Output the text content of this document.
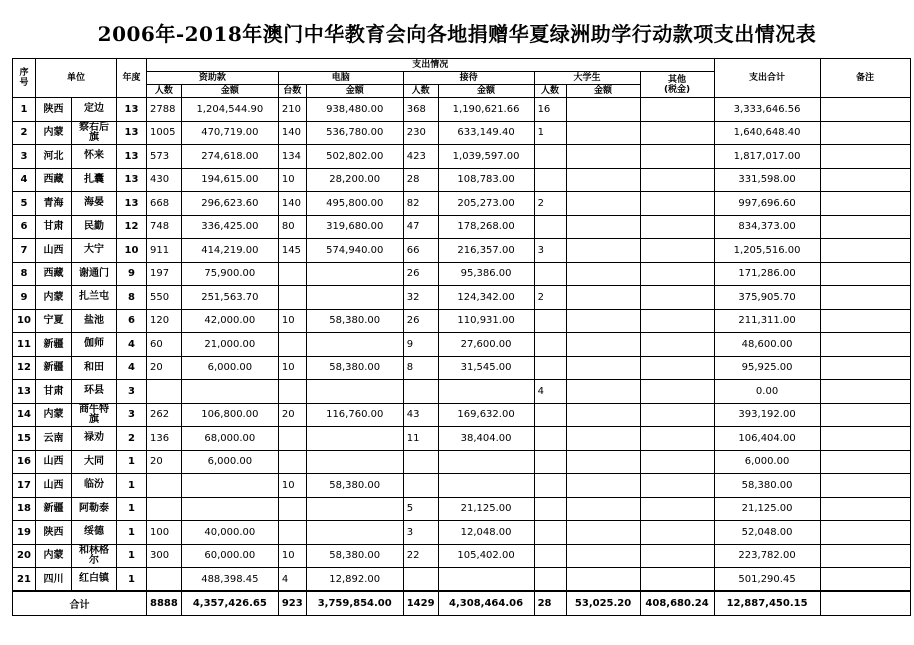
2006年-2018年澳门中华教育会向各地捐赠华夏绿洲助学行动款项支出情况表
序号	单位		年度	支出情况									支出合计	备注
				资助款		电脑		接待		大学生		其他
(税金)		
				人数	金额	台数	金额	人数	金额	人数	金额			
1	陕西	定边	13	2788	1,204,544.90	210	938,480.00	368	1,190,621.66	16			3,333,646.56	
2	内蒙	察右后旗	13	1005	470,719.00	140	536,780.00	230	633,149.40	1			1,640,648.40	
3	河北	怀来	13	573	274,618.00	134	502,802.00	423	1,039,597.00				1,817,017.00	
4	西藏	扎囊	13	430	194,615.00	10	28,200.00	28	108,783.00				331,598.00	
5	青海	海晏	13	668	296,623.60	140	495,800.00	82	205,273.00	2			997,696.60	
6	甘肃	民勤	12	748	336,425.00	80	319,680.00	47	178,268.00				834,373.00	
7	山西	大宁	10	911	414,219.00	145	574,940.00	66	216,357.00	3			1,205,516.00	
8	西藏	谢通门	9	197	75,900.00			26	95,386.00				171,286.00	
9	内蒙	扎兰屯	8	550	251,563.70			32	124,342.00	2			375,905.70	
10	宁夏	盐池	6	120	42,000.00	10	58,380.00	26	110,931.00				211,311.00	
11	新疆	伽师	4	60	21,000.00			9	27,600.00				48,600.00	
12	新疆	和田	4	20	6,000.00	10	58,380.00	8	31,545.00				95,925.00	
13	甘肃	环县	3							4			0.00	
14	内蒙	商牛特旗	3	262	106,800.00	20	116,760.00	43	169,632.00				393,192.00	
15	云南	禄劝	2	136	68,000.00			11	38,404.00				106,404.00	
16	山西	大同	1	20	6,000.00								6,000.00	
17	山西	临汾	1			10	58,380.00						58,380.00	
18	新疆	阿勒泰	1					5	21,125.00				21,125.00	
19	陕西	绥德	1	100	40,000.00			3	12,048.00				52,048.00	
20	内蒙	和林格尔	1	300	60,000.00	10	58,380.00	22	105,402.00				223,782.00	
21	四川	红白镇	1		488,398.45	4	12,892.00						501,290.45	
合计				8888	4,357,426.65	923	3,759,854.00	1429	4,308,464.06	28	53,025.20	408,680.24	12,887,450.15	
